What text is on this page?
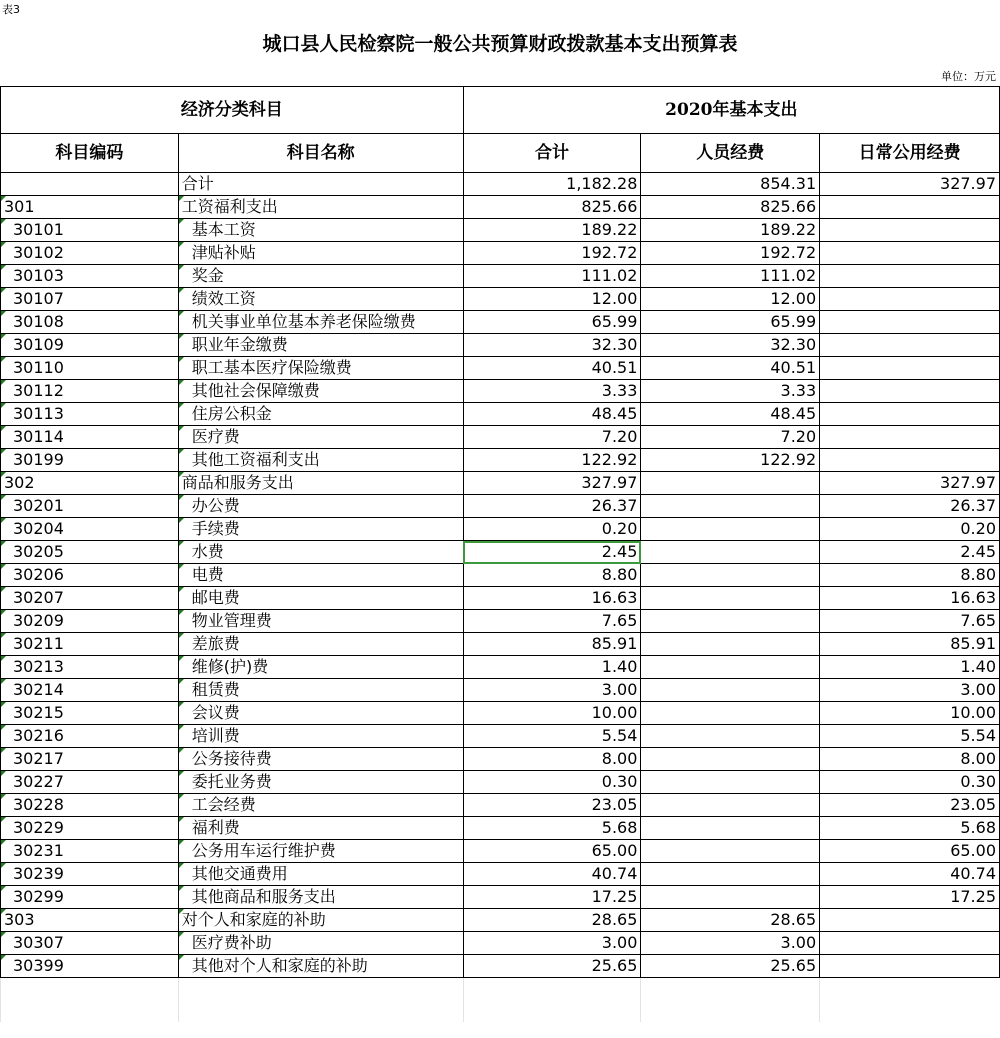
表3
城口县人民检察院一般公共预算财政拨款基本支出预算表
单位：万元
经济分类科目		2020年基本支出		
科目编码	科目名称	合计	人员经费	日常公用经费
	合计	1,182.28	854.31	327.97
301	工资福利支出	825.66	825.66	
30101	基本工资	189.22	189.22	
30102	津贴补贴	192.72	192.72	
30103	奖金	111.02	111.02	
30107	绩效工资	12.00	12.00	
30108	机关事业单位基本养老保险缴费	65.99	65.99	
30109	职业年金缴费	32.30	32.30	
30110	职工基本医疗保险缴费	40.51	40.51	
30112	其他社会保障缴费	3.33	3.33	
30113	住房公积金	48.45	48.45	
30114	医疗费	7.20	7.20	
30199	其他工资福利支出	122.92	122.92	
302	商品和服务支出	327.97		327.97
30201	办公费	26.37		26.37
30204	手续费	0.20		0.20
30205	水费	2.45		2.45
30206	电费	8.80		8.80
30207	邮电费	16.63		16.63
30209	物业管理费	7.65		7.65
30211	差旅费	85.91		85.91
30213	维修(护)费	1.40		1.40
30214	租赁费	3.00		3.00
30215	会议费	10.00		10.00
30216	培训费	5.54		5.54
30217	公务接待费	8.00		8.00
30227	委托业务费	0.30		0.30
30228	工会经费	23.05		23.05
30229	福利费	5.68		5.68
30231	公务用车运行维护费	65.00		65.00
30239	其他交通费用	40.74		40.74
30299	其他商品和服务支出	17.25		17.25
303	对个人和家庭的补助	28.65	28.65	
30307	医疗费补助	3.00	3.00	
30399	其他对个人和家庭的补助	25.65	25.65	
